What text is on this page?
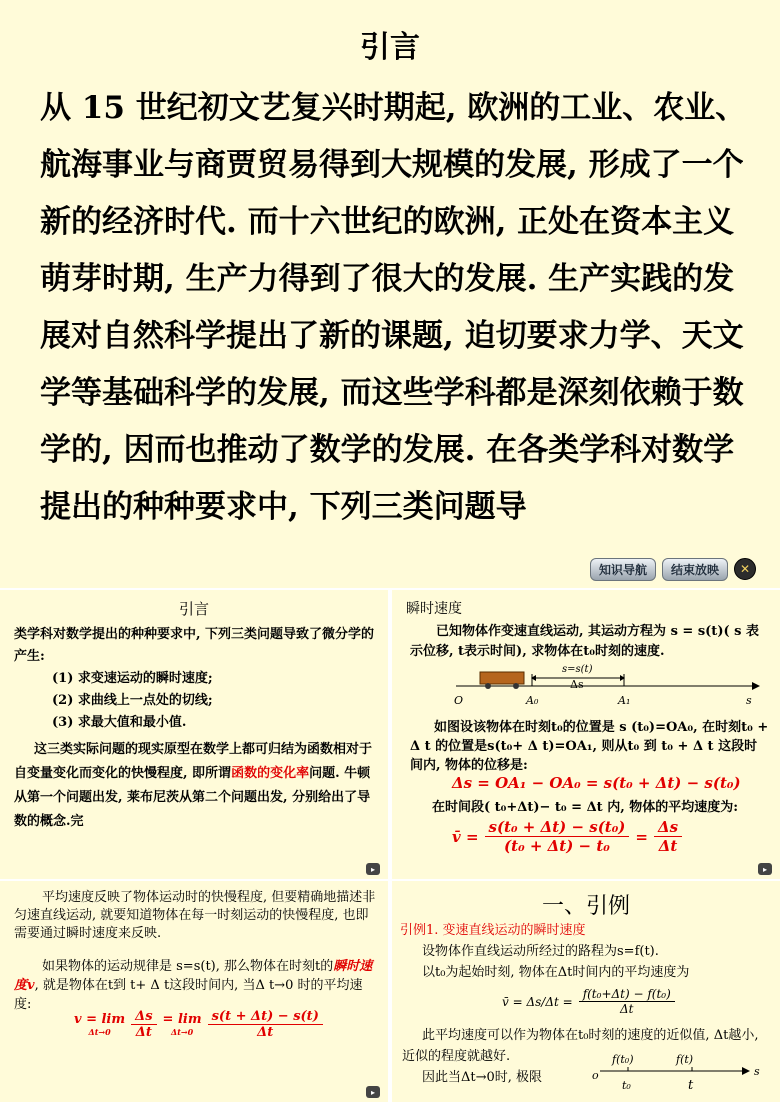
引言
从 15 世纪初文艺复兴时期起, 欧洲的工业、农业、航海事业与商贾贸易得到大规模的发展, 形成了一个新的经济时代. 而十六世纪的欧洲, 正处在资本主义萌芽时期, 生产力得到了很大的发展. 生产实践的发展对自然科学提出了新的课题, 迫切要求力学、天文学等基础科学的发展, 而这些学科都是深刻依赖于数学的, 因而也推动了数学的发展. 在各类学科对数学提出的种种要求中, 下列三类问题导
知识导航	结束放映	✕
引言
类学科对数学提出的种种要求中, 下列三类问题导致了微分学的产生:
(1) 求变速运动的瞬时速度;
(2) 求曲线上一点处的切线;
(3) 求最大值和最小值.
这三类实际问题的现实原型在数学上都可归结为函数相对于自变量变化而变化的快慢程度, 即所谓函数的变化率问题. 牛顿从第一个问题出发, 莱布尼茨从第二个问题出发, 分别给出了导数的概念.完
▸
瞬时速度
已知物体作变速直线运动, 其运动方程为 s = s(t)( s 表示位移, t表示时间), 求物体在t₀时刻的速度.
s=s(t)
Δs
O	A₀	A₁	s
如图设该物体在时刻t₀的位置是 s (t₀)=OA₀, 在时刻t₀ + Δ t 的位置是s(t₀+ Δ t)=OA₁, 则从t₀ 到 t₀ + Δ t 这段时间内, 物体的位移是:
Δs = OA₁ − OA₀ = s(t₀ + Δt) − s(t₀)
在时间段( t₀+Δt)− t₀ = Δt 内, 物体的平均速度为:
v̄ = $\frac{\text{s(t₀ + Δt) − s(t₀)}}{\text{(t₀ + Δt) − t₀}} = \frac{\Delta s}{\Delta t}$
▸
平均速度反映了物体运动时的快慢程度, 但要精确地描述非匀速直线运动, 就要知道物体在每一时刻运动的快慢程度, 也即需要通过瞬时速度来反映.
如果物体的运动规律是 s=s(t), 那么物体在时刻t的瞬时速度v, 就是物体在t到 t+ Δ t这段时间内, 当Δ t→0 时的平均速度:
v = lim
$\Delta t\to 0 \frac{\Delta s}{\Delta t} = \lim$
$\Delta t\to 0 \frac{s(t + \Delta t) - s(t)}{\Delta t}$
▸
一、引例
引例1. 变速直线运动的瞬时速度
设物体作直线运动所经过的路程为s=f(t).
以t₀为起始时刻, 物体在Δt时间内的平均速度为
v̄ = $\Delta s/\Delta t = \frac{\text{f(t₀+Δt) − f(t₀)}}{\Delta t}$
此平均速度可以作为物体在t₀时刻的速度的近似值, Δt越小, 近似的程度就越好.
因此当Δt→0时, 极限	o
f(t₀)	f(t)
t₀	t
s
